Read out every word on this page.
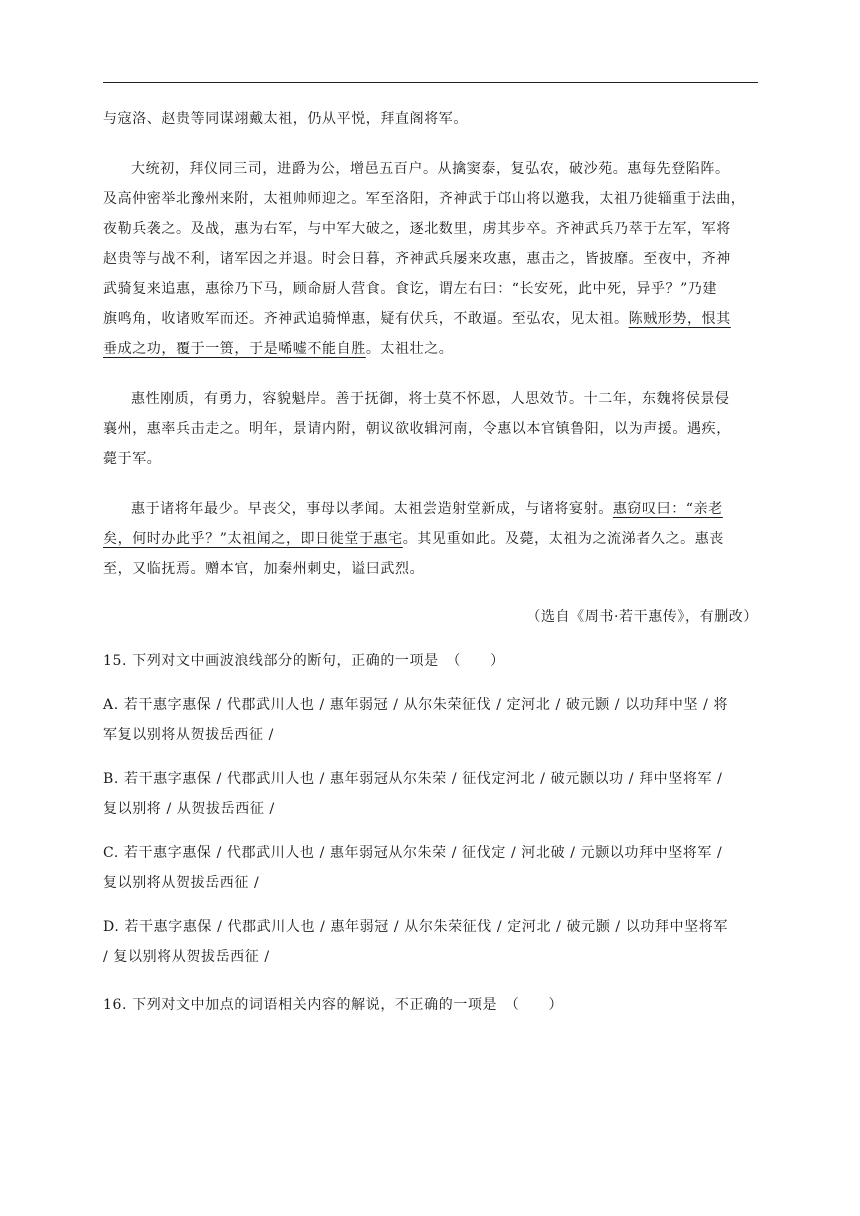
与寇洛、赵贵等同谋翊戴太祖，仍从平悦，拜直阁将军。
大统初，拜仪同三司，进爵为公，增邑五百户。从擒窦泰，复弘农，破沙苑。惠每先登陷阵。
及高仲密举北豫州来附，太祖帅师迎之。军至洛阳，齐神武于邙山将以邀我，太祖乃徙辎重于法曲，
夜勒兵袭之。及战，惠为右军，与中军大破之，逐北数里，虏其步卒。齐神武兵乃萃于左军，军将
赵贵等与战不利，诸军因之并退。时会日暮，齐神武兵屡来攻惠，惠击之，皆披靡。至夜中，齐神
武骑复来追惠，惠徐乃下马，顾命厨人营食。食讫，谓左右曰：“长安死，此中死，异乎？”乃建
旗鸣角，收诸败军而还。齐神武追骑惮惠，疑有伏兵，不敢逼。至弘农，见太祖。陈贼形势，恨其
垂成之功，覆于一篑，于是唏嘘不能自胜。太祖壮之。
惠性刚质，有勇力，容貌魁岸。善于抚御，将士莫不怀恩，人思效节。十二年，东魏将侯景侵
襄州，惠率兵击走之。明年，景请内附，朝议欲收辑河南，令惠以本官镇鲁阳，以为声援。遇疾，
薨于军。
惠于诸将年最少。早丧父，事母以孝闻。太祖尝造射堂新成，与诸将宴射。惠窃叹曰：“亲老
矣，何时办此乎？”太祖闻之，即日徙堂于惠宅。其见重如此。及薨，太祖为之流涕者久之。惠丧
至，又临抚焉。赠本官，加秦州刺史，谥曰武烈。
（选自《周书·若干惠传》，有删改）
15. 下列对文中画波浪线部分的断句，正确的一项是　（　　）
A. 若干惠字惠保 / 代郡武川人也 / 惠年弱冠 / 从尔朱荣征伐 / 定河北 / 破元颢 / 以功拜中坚 / 将
军复以别将从贺拔岳西征 /
B. 若干惠字惠保 / 代郡武川人也 / 惠年弱冠从尔朱荣 / 征伐定河北 / 破元颢以功 / 拜中坚将军 /
复以别将 / 从贺拔岳西征 /
C. 若干惠字惠保 / 代郡武川人也 / 惠年弱冠从尔朱荣 / 征伐定 / 河北破 / 元颢以功拜中坚将军 /
复以别将从贺拔岳西征 /
D. 若干惠字惠保 / 代郡武川人也 / 惠年弱冠 / 从尔朱荣征伐 / 定河北 / 破元颢 / 以功拜中坚将军
/ 复以别将从贺拔岳西征 /
16. 下列对文中加点的词语相关内容的解说，不正确的一项是　（　　）
